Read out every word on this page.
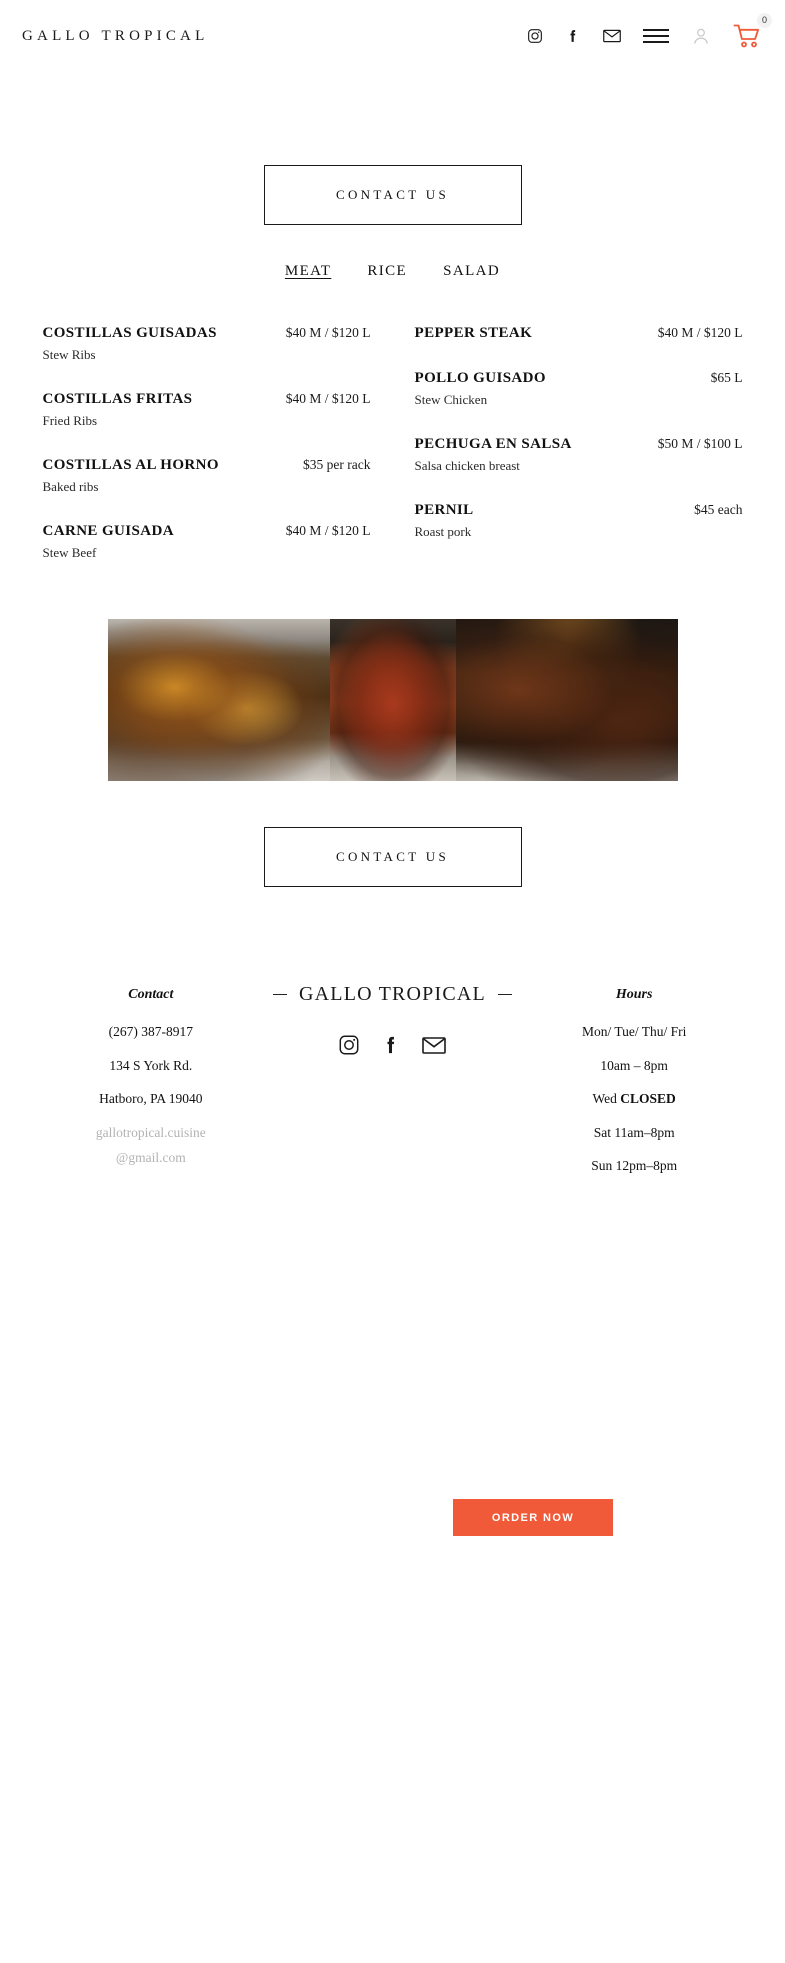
GALLO TROPICAL
0
CONTACT US
MEAT RICE SALAD
COSTILLAS GUISADAS	$40 M / $120 L
Stew Ribs
COSTILLAS FRITAS	$40 M / $120 L
Fried Ribs
COSTILLAS AL HORNO	$35 per rack
Baked ribs
CARNE GUISADA	$40 M / $120 L
Stew Beef
PEPPER STEAK	$40 M / $120 L
POLLO GUISADO	$65 L
Stew Chicken
PECHUGA EN SALSA	$50 M / $100 L
Salsa chicken breast
PERNIL	$45 each
Roast pork
CONTACT US
Contact
(267) 387-8917
134 S York Rd.
Hatboro, PA 19040
gallotropical.cuisine
@gmail.com
GALLO TROPICAL	Hours
Mon/ Tue/ Thu/ Fri
10am – 8pm
Wed CLOSED
Sat 11am–8pm
Sun 12pm–8pm
ORDER NOW
